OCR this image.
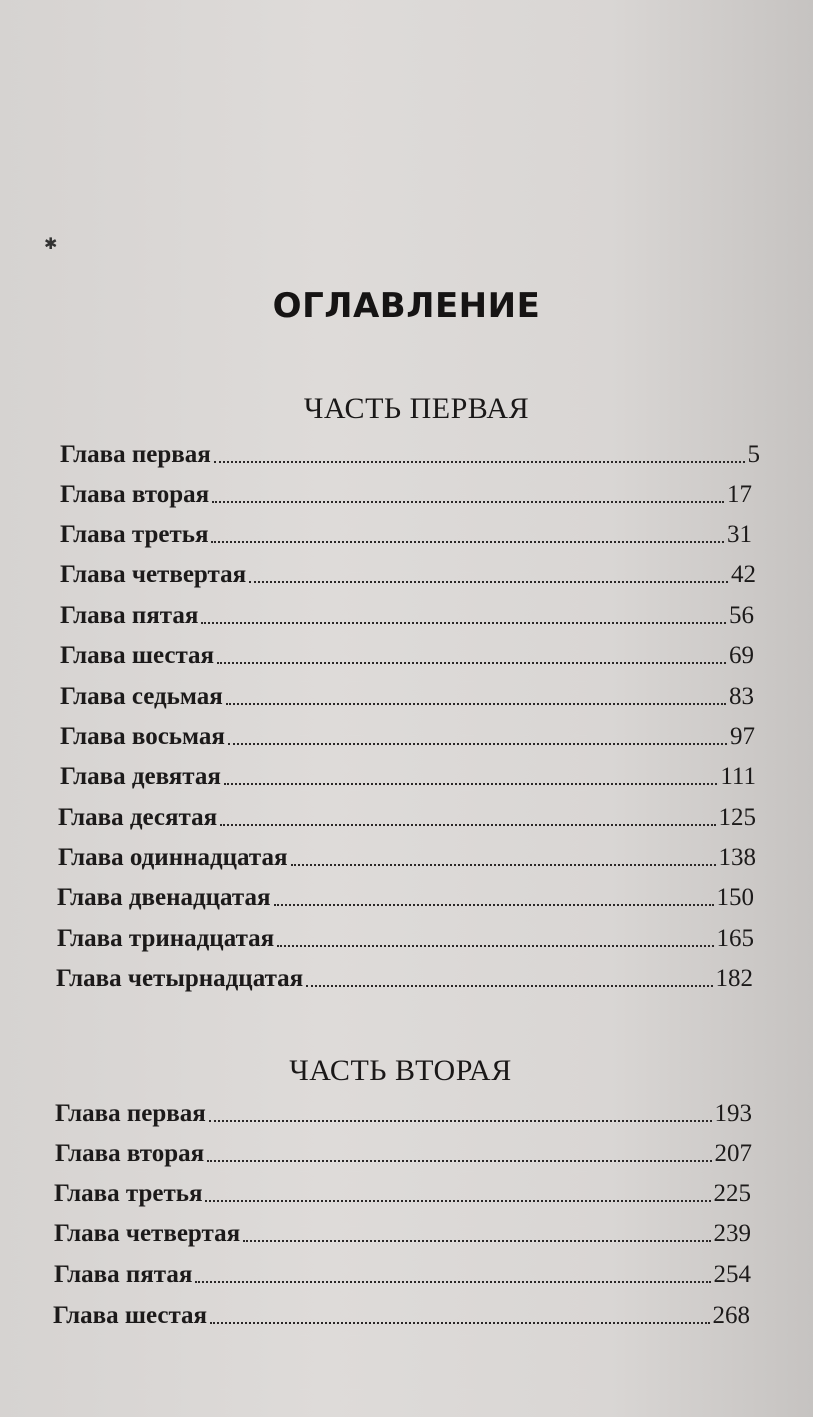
✱
ОГЛАВЛЕНИЕ
ЧАСТЬ ПЕРВАЯ
Глава первая	5
Глава вторая	17
Глава третья	31
Глава четвертая	42
Глава пятая	56
Глава шестая	69
Глава седьмая	83
Глава восьмая	97
Глава девятая	111
Глава десятая	125
Глава одиннадцатая	138
Глава двенадцатая	150
Глава тринадцатая	165
Глава четырнадцатая	182
ЧАСТЬ ВТОРАЯ
Глава первая	193
Глава вторая	207
Глава третья	225
Глава четвертая	239
Глава пятая	254
Глава шестая	268
